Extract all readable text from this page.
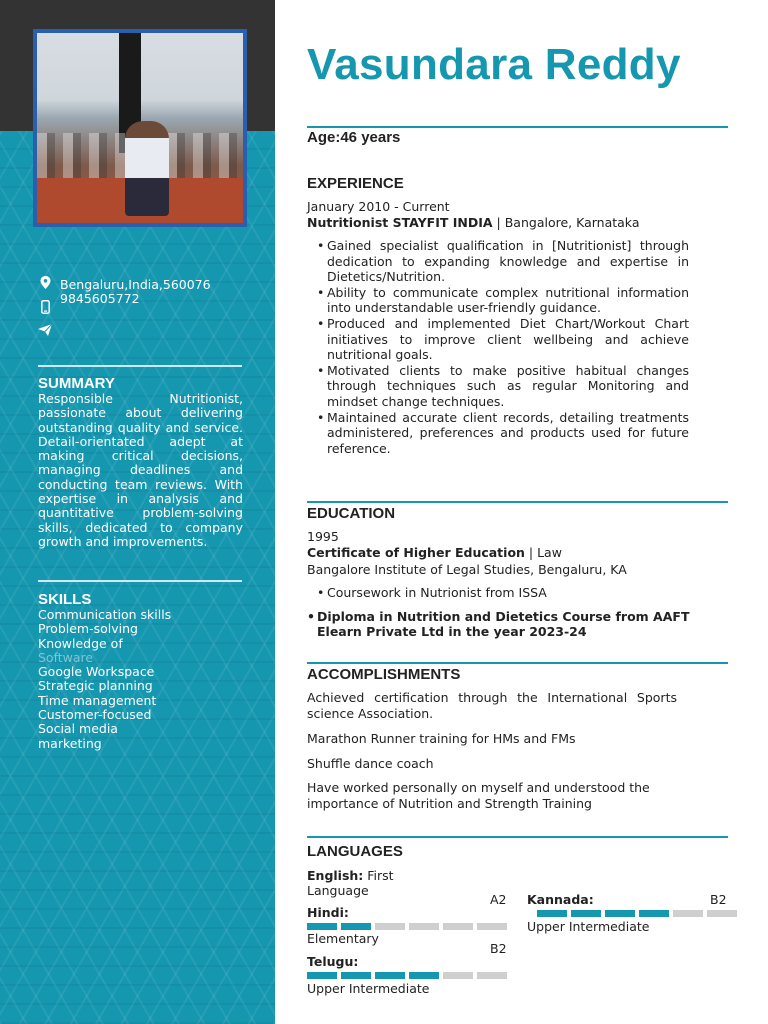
Bengaluru,India,560076
9845605772
SUMMARY
Responsible Nutritionist, passionate about delivering outstanding quality and service. Detail-orientated adept at making critical decisions, managing deadlines and conducting team reviews. With expertise in analysis and quantitative problem-solving skills, dedicated to company growth and improvements.
SKILLS
Communication skills
Problem-solving
Knowledge of
Software
Google Workspace
Strategic planning
Time management
Customer-focused
Social media
marketing
Vasundara Reddy
Age:46 years
EXPERIENCE
January 2010 - Current
Nutritionist STAYFIT INDIA | Bangalore, Karnataka
• Gained specialist qualification in [Nutritionist] through dedication to expanding knowledge and expertise in Dietetics/Nutrition.
• Ability to communicate complex nutritional information into understandable user-friendly guidance.
• Produced and implemented Diet Chart/Workout Chart initiatives to improve client wellbeing and achieve nutritional goals.
• Motivated clients to make positive habitual changes through techniques such as regular Monitoring and mindset change techniques.
• Maintained accurate client records, detailing treatments administered, preferences and products used for future reference.
EDUCATION
1995
Certificate of Higher Education | Law
Bangalore Institute of Legal Studies, Bengaluru, KA
• Coursework in Nutrionist from ISSA
• Diploma in Nutrition and Dietetics Course from AAFT Elearn Private Ltd in the year 2023-24
ACCOMPLISHMENTS
Achieved certification through the International Sports science Association.
Marathon Runner training for HMs and FMs
Shuffle dance coach
Have worked personally on myself and understood the importance of Nutrition and Strength Training
LANGUAGES
English: First Language
A2
Hindi:
Elementary
B2
Telugu:
Upper Intermediate
Kannada:	B2
Upper Intermediate
